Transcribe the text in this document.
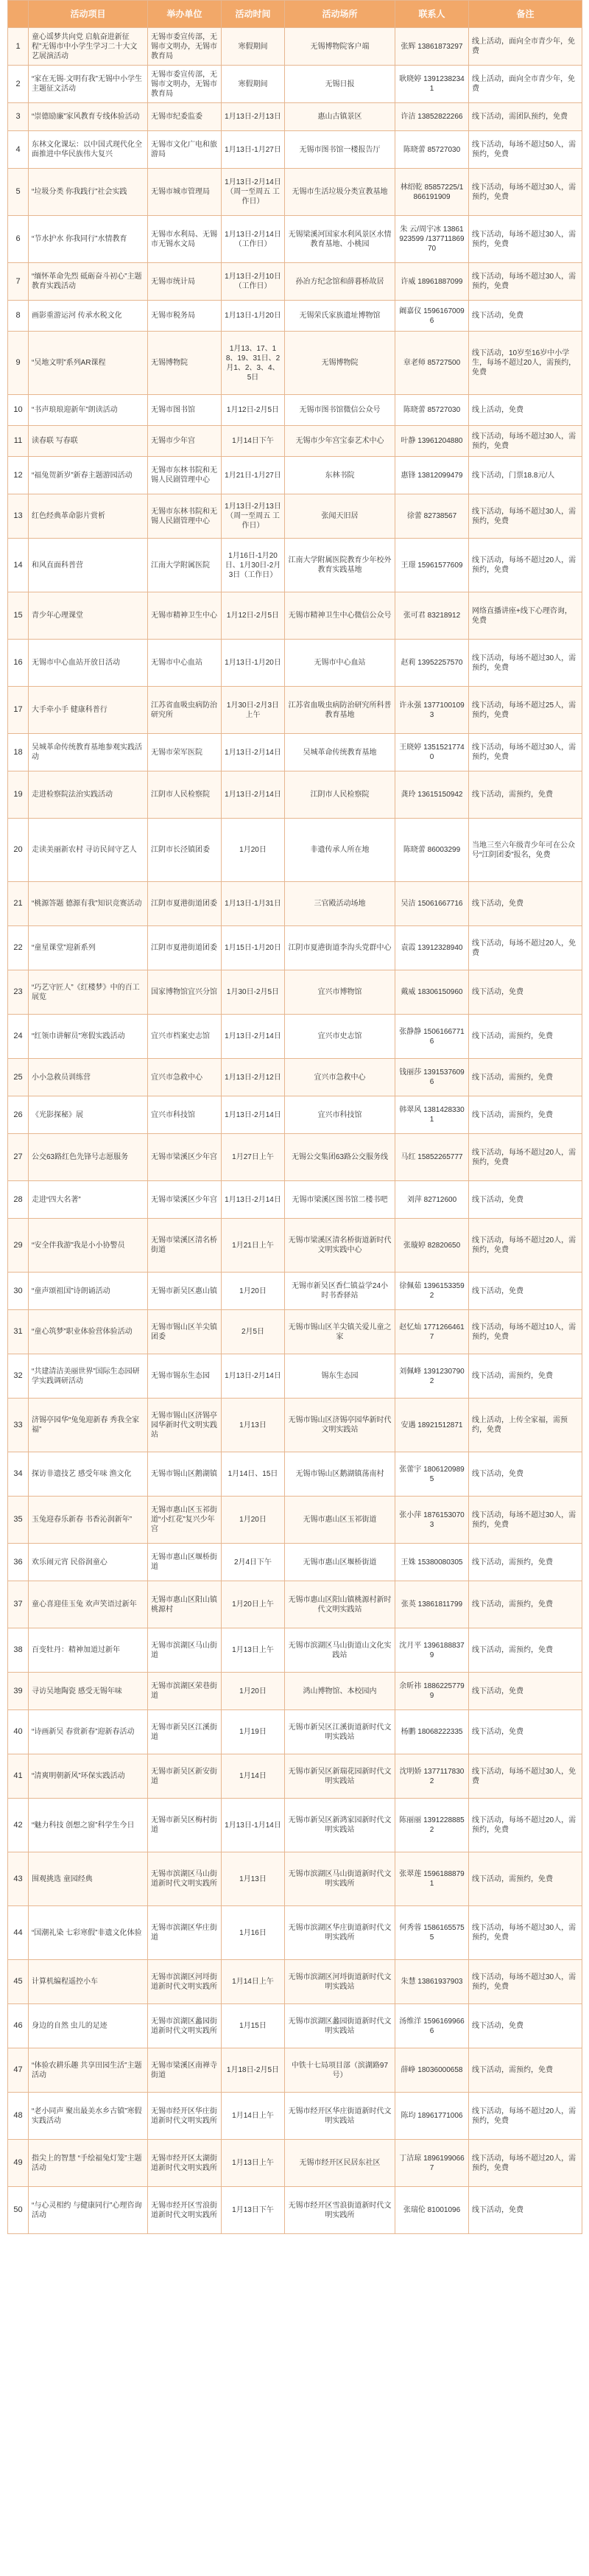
	活动项目	举办单位	活动时间	活动场所	联系人	备注
1	童心谣梦共向党 启航奋进新征程”无锡市中小学生学习二十大文艺展演活动	无锡市委宣传部，无锡市文明办，无锡市教育局	寒假期间	无锡博物院客户端	张辉 13861873297	线上活动，面向全市青少年，免费
2	“家在无锡·文明有我”无锡中小学生主题征文活动	无锡市委宣传部，无锡市文明办，无锡市教育局	寒假期间	无锡日报	耿晓婷 13912382341	线上活动，面向全市青少年，免费
3	“崇德励廉”家风教育专线体验活动	无锡市纪委监委	1月13日-2月13日	惠山古镇景区	许洁 13852822266	线下活动，需团队预约，免费
4	东林文化课坛：以中国式现代化全面推进中华民族伟大复兴	无锡市文化广电和旅游局	1月13日-1月27日	无锡市图书馆一楼报告厅	陈晓蕾 85727030	线下活动，每场不超过50人，需预约，免费
5	“垃圾分类 你我践行”社会实践	无锡市城市管理局	1月13日-2月14日（周一至周五 工作日）	无锡市生活垃圾分类宣教基地	林绍乾 85857225/1866191909	线下活动，每场不超过30人，需预约，免费
6	“节水护水 你我同行”水情教育	无锡市水利局、无锡市无锡水文局	1月13日-2月14日（工作日）	无锡梁溪河国家水利风景区水情教育基地、小桃园	朱 云/周宇冰 13861923599 /13771186970	线下活动，每场不超过30人，需预约，免费
7	“缅怀革命先烈 砥砺奋斗初心”主题教育实践活动	无锡市统计局	1月13日-2月10日（工作日）	孙冶方纪念馆和薛暮桥故居	许威 18961887099	线下活动，每场不超过30人，需预约，免费
8	画影重游运河 传承水税文化	无锡市税务局	1月13日-1月20日	无锡荣氏家族遗址博物馆	阚嘉仪 15961670096	线下活动，免费
9	“吴地文明”系列AR课程	无锡博物院	1月13、17、18、19、31日、2月1、2、3、4、5日	无锡博物院	章老师 85727500	线下活动，10岁至16岁中小学生，每场不超过20人，需预约，免费
10	“书声琅琅迎新年”朗读活动	无锡市图书馆	1月12日-2月5日	无锡市图书馆微信公众号	陈晓蕾 85727030	线上活动，免费
11	读春联 写春联	无锡市少年宫	1月14日下午	无锡市少年宫宝泰艺术中心	叶静 13961204880	线下活动，每场不超过30人，需预约，免费
12	“福兔贺新岁”新春主题游园活动	无锡市东林书院和无锡人民剧管理中心	1月21日-1月27日	东林书院	惠锋 13812099479	线下活动，门票18.8元/人
13	红色经典革命影片赏析	无锡市东林书院和无锡人民剧管理中心	1月13日-2月13日（周一至周五 工作日）	张闻天旧居	徐蕾 82738567	线下活动，每场不超过30人，需预约，免费
14	和风直面科普营	江南大学附属医院	1月16日-1月20日、1月30日-2月3日（工作日）	江南大学附属医院教育少年校外教育实践基地	王璟 15961577609	线下活动，每场不超过20人，需预约，免费
15	青少年心理课堂	无锡市精神卫生中心	1月12日-2月5日	无锡市精神卫生中心微信公众号	张可君 83218912	网络直播讲座+线下心理咨询，免费
16	无锡市中心血站开放日活动	无锡市中心血站	1月13日-1月20日	无锡市中心血站	赵莉 13952257570	线下活动，每场不超过30人，需预约，免费
17	大手牵小手 健康科普行	江苏省血吸虫病防治研究所	1月30日-2月3日上午	江苏省血吸虫病防治研究所科普教育基地	许永强 13771001093	线下活动，每场不超过25人，需预约，免费
18	吴城革命传统教育基地参观实践活动	无锡市荣军医院	1月13日-2月14日	吴城革命传统教育基地	王晓婷 13515217740	线下活动，每场不超过30人，需预约，免费
19	走进检察院法治实践活动	江阴市人民检察院	1月13日-2月14日	江阴市人民检察院	龚玲 13615150942	线下活动，需预约，免费
20	走读美丽新农村 寻访民间守艺人	江阴市长泾镇团委	1月20日	非遗传承人所在地	陈晓蕾 86003299	当地三至六年级青少年可在公众号“江阴团委”报名，免费
21	“桃源答题 德源有我”知识竞赛活动	江阴市夏港街道团委	1月13日-1月31日	三官殿活动场地	吴洁 15061667716	线下活动，免费
22	“童星课堂”迎新系列	江阴市夏港街道团委	1月15日-1月20日	江阴市夏港街道李沟头党群中心	袁霞 13912328940	线下活动，每场不超过20人，免费
23	“巧艺守匠人”《红楼梦》中的百工展览	国家博物馆宜兴分馆	1月30日-2月5日	宜兴市博物馆	戴威 18306150960	线下活动，免费
24	“红领巾讲解员”寒假实践活动	宜兴市档案史志馆	1月13日-2月14日	宜兴市史志馆	张静静 15061667716	线下活动，需预约，免费
25	小小急救员训练营	宜兴市急救中心	1月13日-2月12日	宜兴市急救中心	钱丽莎 13915376096	线下活动，需预约，免费
26	《光影探秘》展	宜兴市科技馆	1月13日-2月14日	宜兴市科技馆	韩翠风 13814283301	线下活动，需预约，免费
27	公交63路红色先锋号志愿服务	无锡市梁溪区少年宫	1月27日上午	无锡公交集团63路公交服务线	马红 15852265777	线下活动，每场不超过20人，需预约，免费
28	走进“四大名著”	无锡市梁溪区少年宫	1月13日-2月14日	无锡市梁溪区图书馆二楼书吧	刘萍 82712600	线下活动，免费
29	“安全伴我游”我是小小协警员	无锡市梁溪区清名桥街道	1月21日上午	无锡市梁溪区清名桥街道新时代文明实践中心	张璇婷 82820650	线下活动，每场不超过20人，需预约，免费
30	“童声颂祖国”诗朗诵活动	无锡市新吴区惠山镇	1月20日	无锡市新吴区香仁镇益学24小时书香驿站	徐佩茹 13961533592	线下活动，免费
31	“童心筑梦”职业体验营体验活动	无锡市锡山区羊尖镇团委	2月5日	无锡市锡山区羊尖镇关爱儿童之家	赵忆灿 17712664617	线下活动，每场不超过10人，需预约，免费
32	“共建清洁美丽世界”国际生态园研学实践调研活动	无锡市锡东生态园	1月13日-2月14日	锡东生态园	刘佩峰 13912307902	线下活动，需预约，免费
33	济锡亭园华“兔兔迎新春 秀我全家福”	无锡市锡山区济锡亭园华新时代文明实践站	1月13日	无锡市锡山区济锡亭园华新时代文明实践站	安遇 18921512871	线上活动，上传全家福，需预约，免费
34	探访非遗技艺 感受年味 渔文化	无锡市锡山区鹅湖镇	1月14日、15日	无锡市锡山区鹅湖镇荡南村	张蕾宇 18061209895	线下活动，免费
35	玉兔迎春乐新春 书香沁润新年”	无锡市惠山区玉祁街道“小红花”复兴少年宫	1月20日	无锡市惠山区玉祁街道	张小萍 18761530703	线下活动，每场不超过30人，需预约，免费
36	欢乐闹元宵 民俗润童心	无锡市惠山区堰桥街道	2月4日下午	无锡市惠山区堰桥街道	王姝 15380080305	线下活动，需预约，免费
37	童心喜迎佳玉兔 欢声笑语过新年	无锡市惠山区阳山镇桃源村	1月20日上午	无锡市惠山区阳山镇桃源村新时代文明实践站	张英 13861811799	线下活动，需预约，免费
38	百变牡丹：精神加道过新年	无锡市滨湖区马山街道	1月13日上午	无锡市滨湖区马山街道山文化实践站	沈月平 13961888379	线下活动，需预约，免费
39	寻访吴地陶瓷 感受无锡年味	无锡市滨湖区荣巷街道	1月20日	鸿山博物馆、本校园内	余昕祎 18862257799	线下活动，免费
40	“诗画新吴 春赏新春”迎新春活动	无锡市新吴区江溪街道	1月19日	无锡市新吴区江溪街道新时代文明实践站	杨鹏 18068222335	线下活动，免费
41	“清爽明朝新风”环保实践活动	无锡市新吴区新安街道	1月14日	无锡市新吴区新瑞花园新时代文明实践站	沈明娇 13771178302	线下活动，每场不超过30人，免费
42	“魅力科技 创想之窗”科学生今日	无锡市新吴区梅村街道	1月13日-1月14日	无锡市新吴区新鸿家园新时代文明实践站	陈丽丽 13912288852	线下活动，每场不超过20人，需预约，免费
43	围观挑选 童园经典	无锡市滨湖区马山街道新时代文明实践所	1月13日	无锡市滨湖区马山街道新时代文明实践所	张翠莲 15961888791	线下活动，需预约，免费
44	“国潮礼染 七彩寒假”非遗文化体验	无锡市滨湖区华庄街道	1月16日	无锡市滨湖区华庄街道新时代文明实践所	何秀蓉 15861655755	线下活动，每场不超过30人，需预约，免费
45	计算机编程遥控小车	无锡市滨湖区河埒街道新时代文明实践所	1月14日上午	无锡市滨湖区河埒街道新时代文明实践站	朱慧 13861937903	线下活动，每场不超过30人，需预约，免费
46	身边的自然 虫儿的足迹	无锡市滨湖区蠡园街道新时代文明实践所	1月15日	无锡市滨湖区蠡园街道新时代文明实践站	汤维洋 15961699666	线下活动，免费
47	“体验农耕乐趣 共享田园生活”主题活动	无锡市梁溪区南禅寺街道	1月18日-2月5日	中铁十七局项目部（滨湖路97号）	薛峥 18036000658	线下活动，需预约，免费
48	“老小同声 聚出最美水乡古镇”寒假实践活动	无锡市经开区华庄街道新时代文明实践所	1月14日上午	无锡市经开区华庄街道新时代文明实践站	陈均 18961771006	线下活动，每场不超过20人，需预约，免费
49	指尖上的智慧 “手绘福兔灯笼”主题活动	无锡市经开区太湖街道新时代文明实践所	1月13日上午	无锡市经开区民居东社区	丁洁琼 18961990667	线下活动，每场不超过20人，需预约，免费
50	“与心灵相约 与健康同行”心理咨询活动	无锡市经开区雪浪街道新时代文明实践所	1月13日下午	无锡市经开区雪浪街道新时代文明实践所	张瑞伦 81001096	线下活动，免费
